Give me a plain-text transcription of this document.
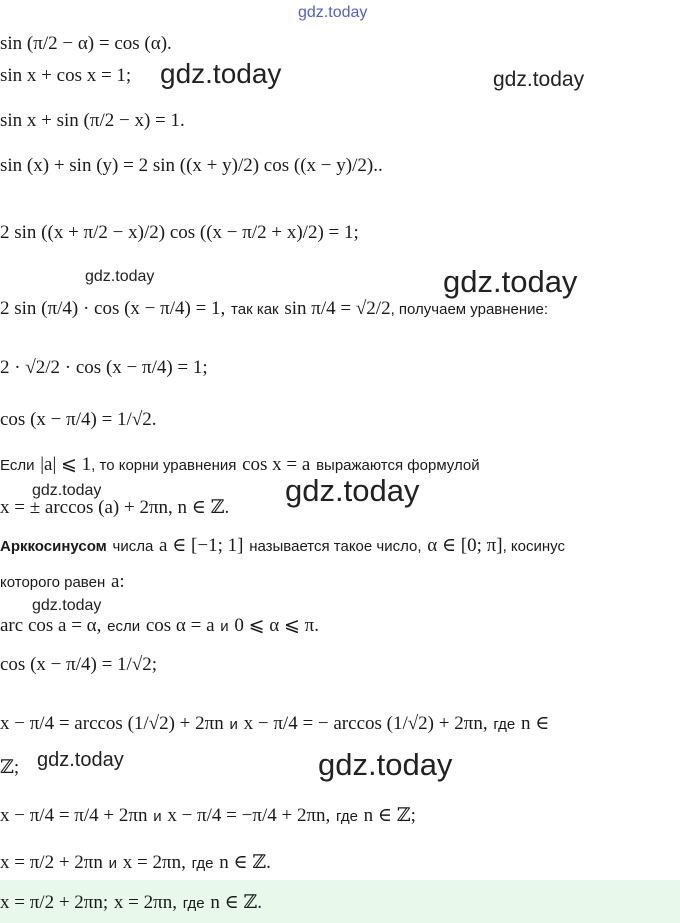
gdz.today
gdz.today	gdz.today
gdz.today	gdz.today
gdz.today	gdz.today
gdz.today
gdz.today	gdz.today
sin (π/2 − α) = cos (α).
sin x + cos x = 1;
sin x + sin (π/2 − x) = 1.
sin (x) + sin (y) = 2 sin ((x + y)/2) cos ((x − y)/2)..
2 sin ((x + π/2 − x)/2) cos ((x − π/2 + x)/2) = 1;
2 sin (π/4) · cos (x − π/4) = 1, так как sin π/4 = √2/2, получаем уравнение:
2 · √2/2 · cos (x − π/4) = 1;
cos (x − π/4) = 1/√2.
Если |a| ⩽ 1, то корни уравнения cos x = a выражаются формулой
x = ± arccos (a) + 2πn, n ∈ ℤ.
Арккосинусом числа a ∈ [−1; 1] называется такое число, α ∈ [0; π], косинус
которого равен a:
arc cos a = α, если cos α = a и 0 ⩽ α ⩽ π.
cos (x − π/4) = 1/√2;
x − π/4 = arccos (1/√2) + 2πn и x − π/4 = − arccos (1/√2) + 2πn, где n ∈
ℤ;
x − π/4 = π/4 + 2πn и x − π/4 = −π/4 + 2πn, где n ∈ ℤ;
x = π/2 + 2πn и x = 2πn, где n ∈ ℤ.
x = π/2 + 2πn; x = 2πn, где n ∈ ℤ.
